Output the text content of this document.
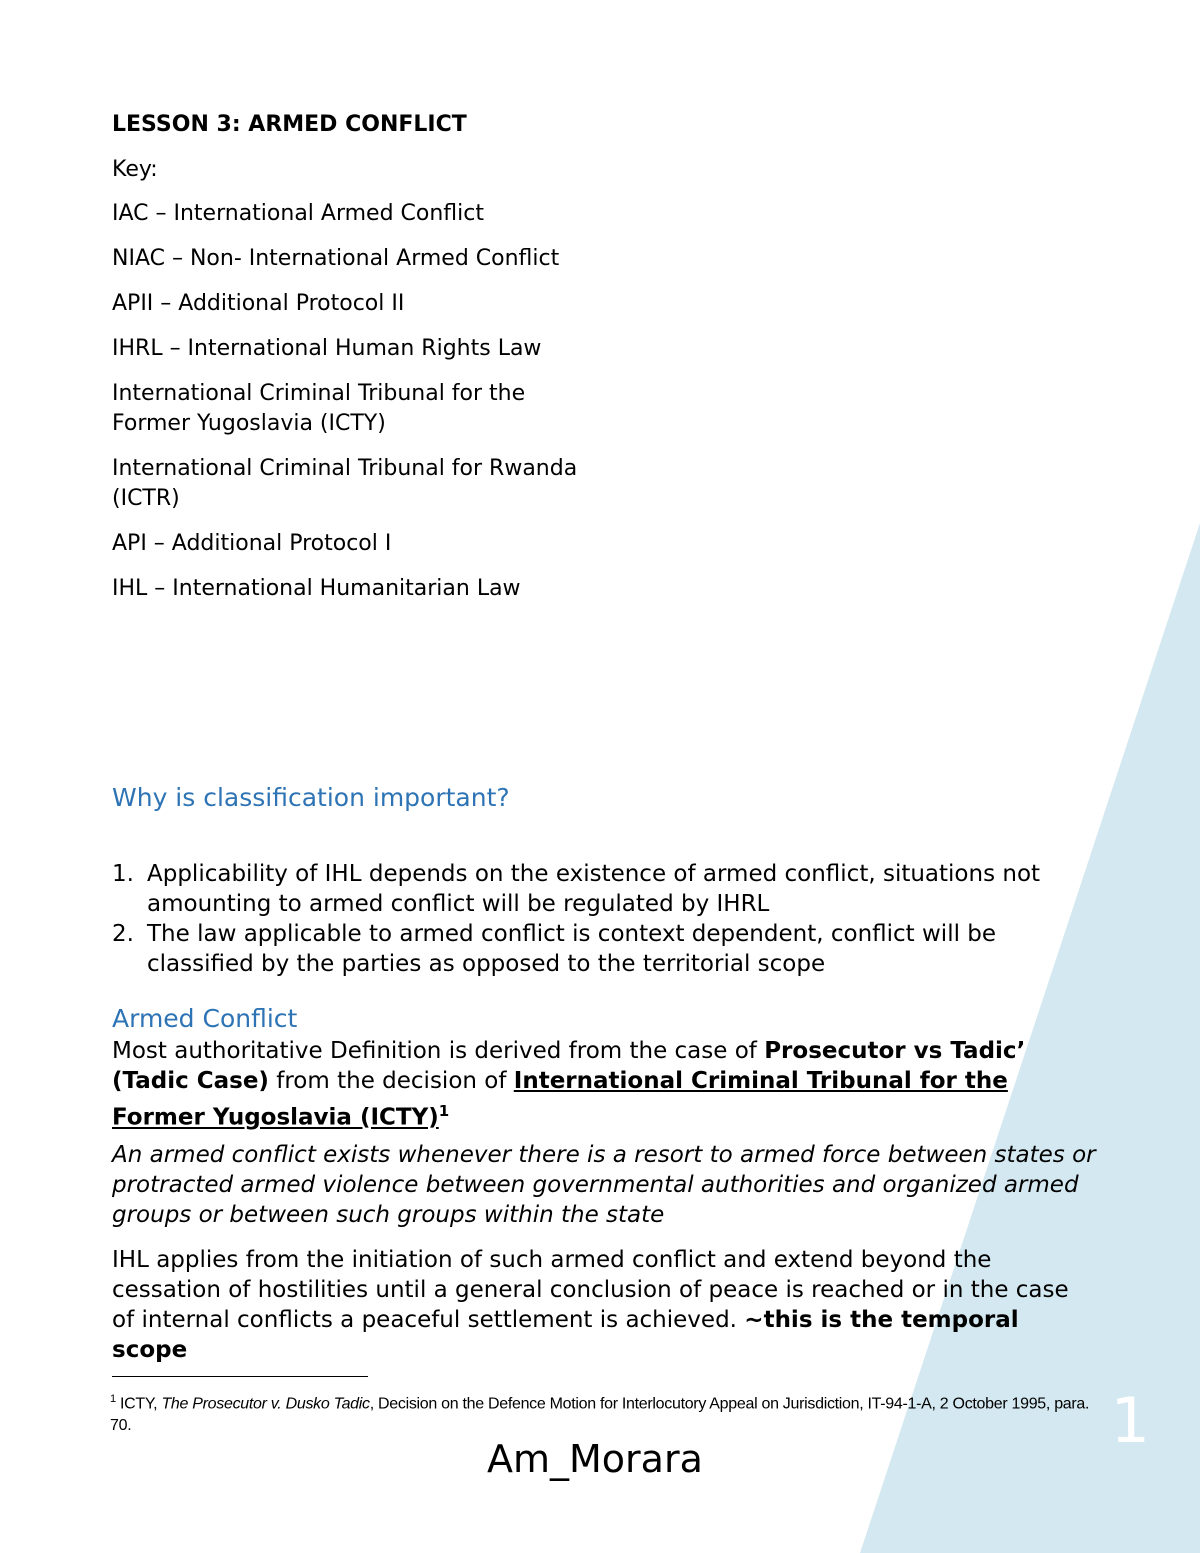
1
LESSON 3: ARMED CONFLICT

Key:

IAC – International Armed Conflict

NIAC – Non- International Armed Conflict

APII – Additional Protocol II

IHRL – International Human Rights Law

International Criminal Tribunal for the Former Yugoslavia (ICTY)

International Criminal Tribunal for Rwanda (ICTR)

API – Additional Protocol I

IHL – International Humanitarian Law

Why is classification important?
1. Applicability of IHL depends on the existence of armed conflict, situations not amounting to armed conflict will be regulated by IHRL
2. The law applicable to armed conflict is context dependent, conflict will be classified by the parties as opposed to the territorial scope
Armed Conflict

Most authoritative Definition is derived from the case of Prosecutor vs Tadic’ (Tadic Case) from the decision of International Criminal Tribunal for the Former Yugoslavia (ICTY)$^1$

An armed conflict exists whenever there is a resort to armed force between states or protracted armed violence between governmental authorities and organized armed groups or between such groups within the state

IHL applies from the initiation of such armed conflict and extend beyond the cessation of hostilities until a general conclusion of peace is reached or in the case of internal conflicts a peaceful settlement is achieved. ~this is the temporal scope

$^1$ ICTY, The Prosecutor v. Dusko Tadic, Decision on the Defence Motion for Interlocutory Appeal on Jurisdiction, IT-94-1-A, 2 October 1995, para. 70.
Am_Morara
